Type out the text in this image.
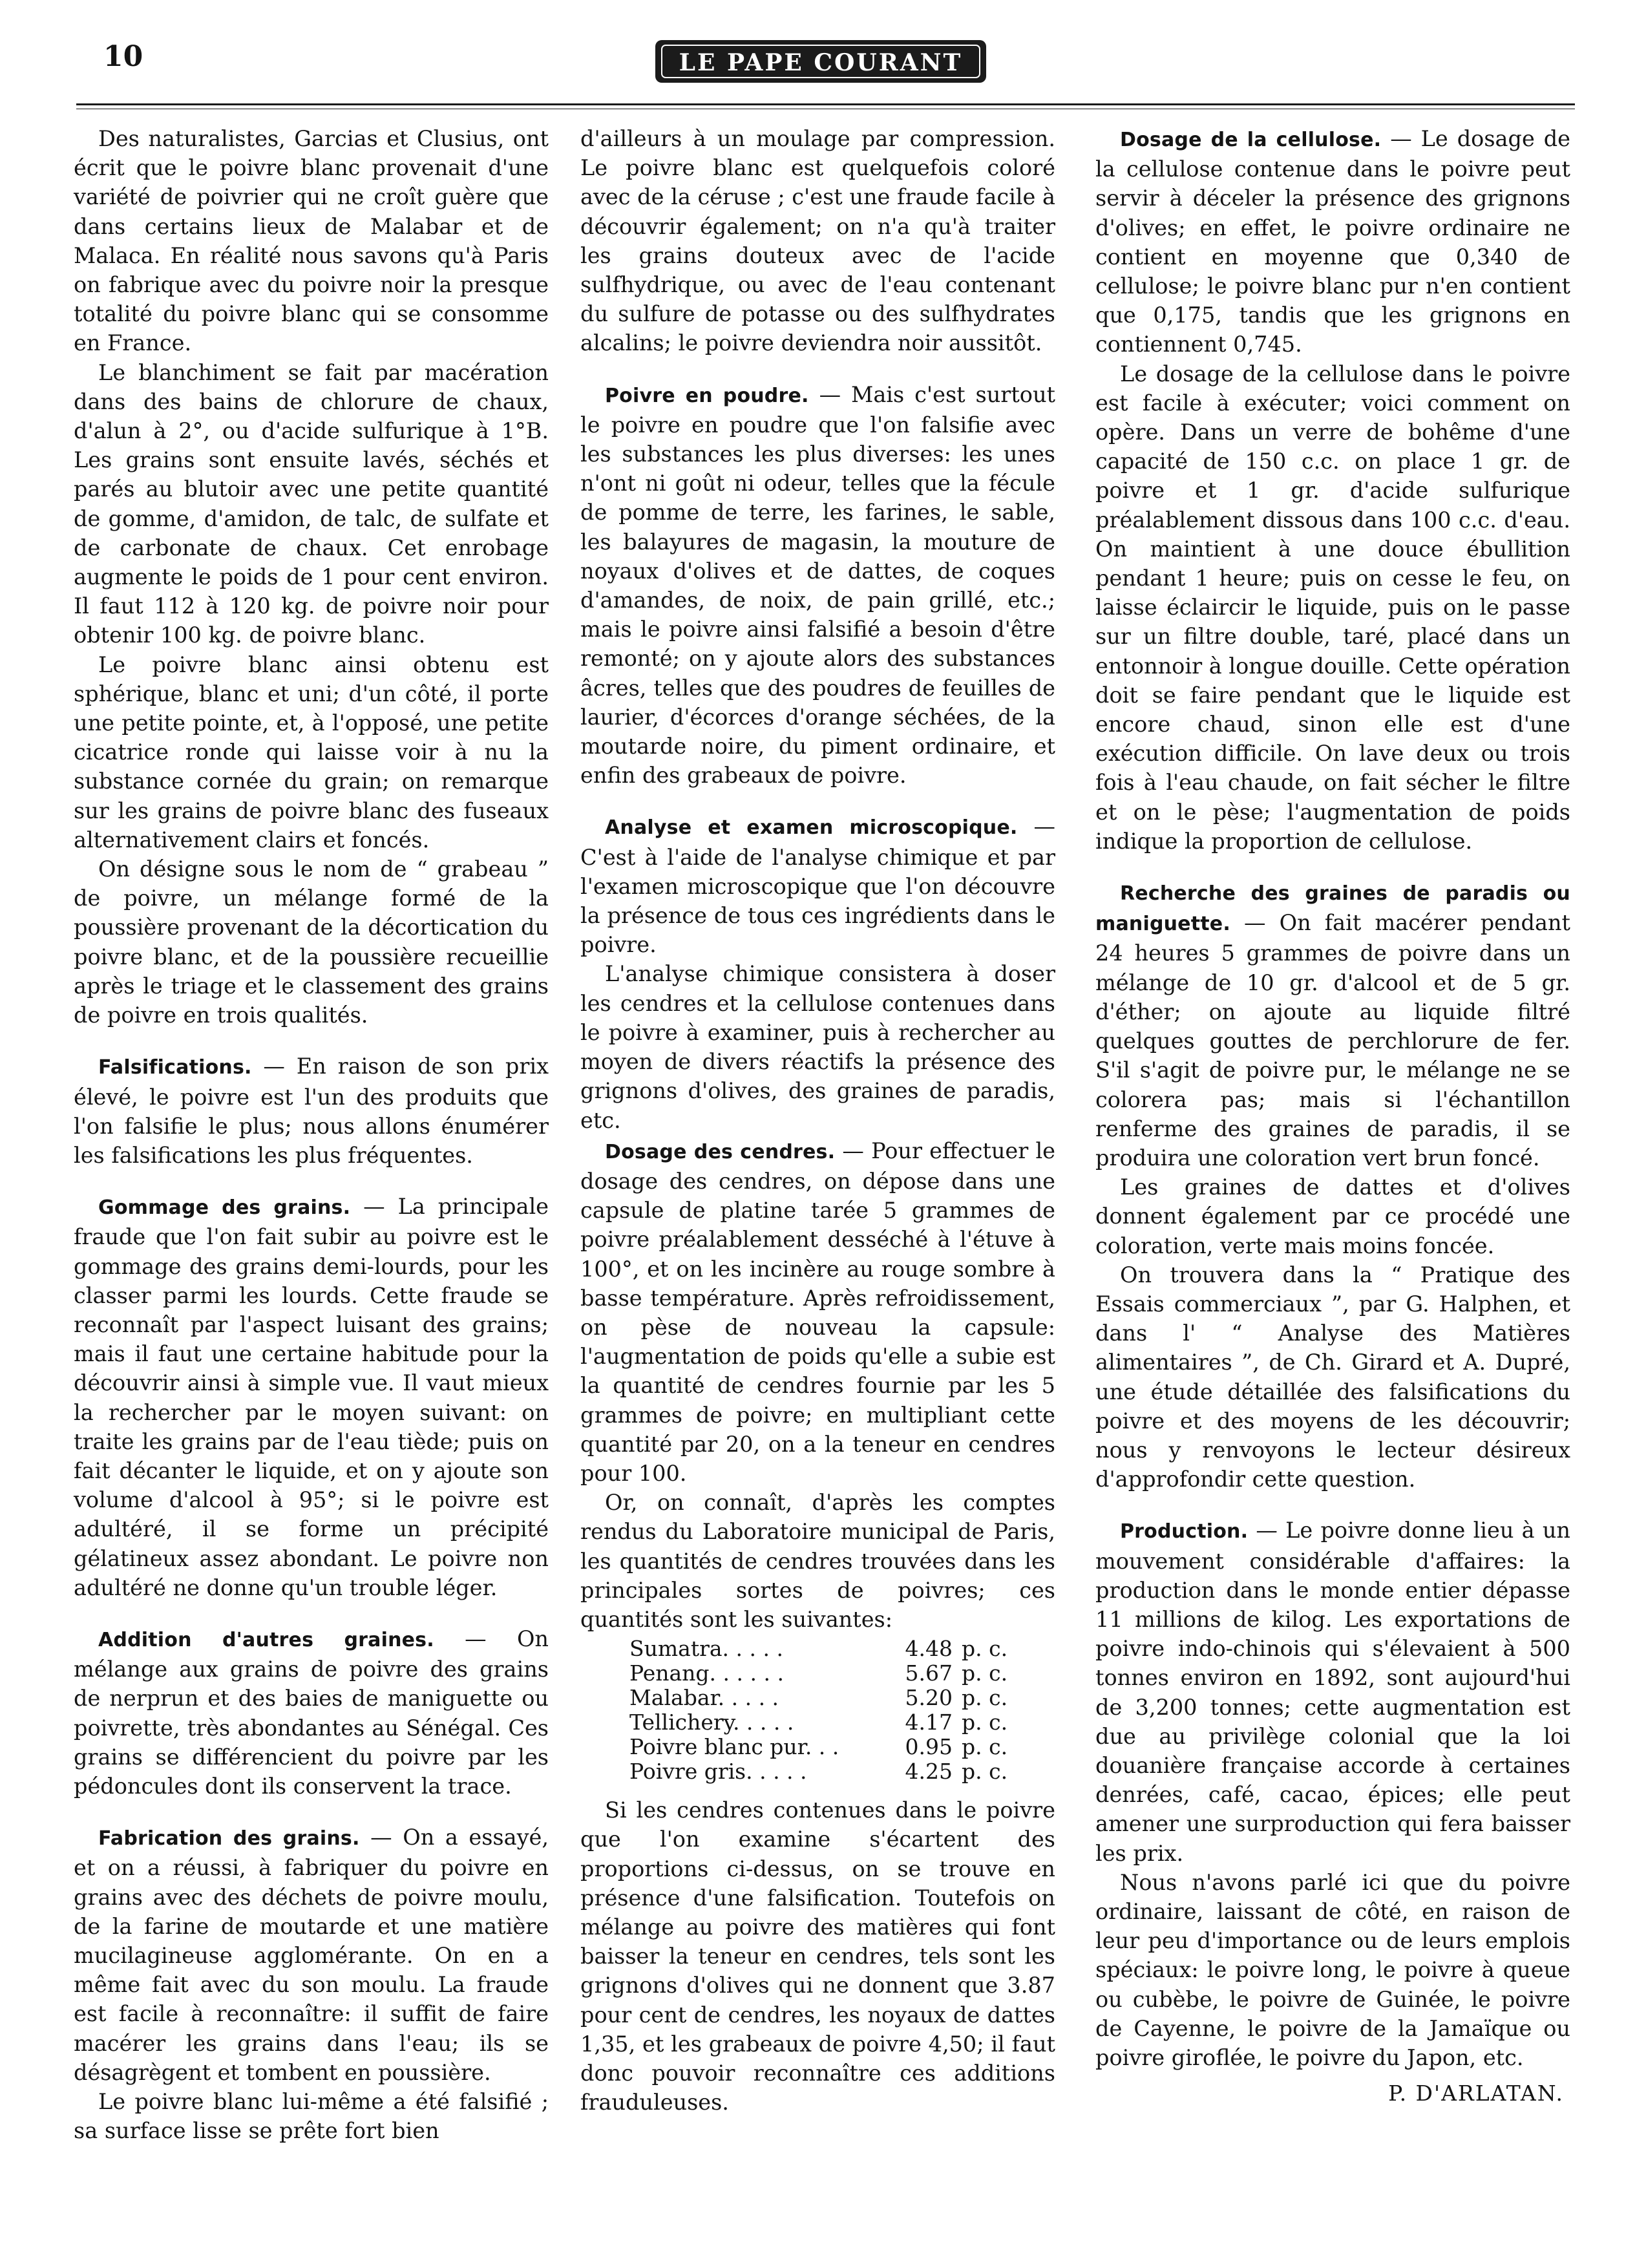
10	LE PAPE COURANT

Des naturalistes, Garcias et Clusius, ont écrit que le poivre blanc provenait d'une variété de poivrier qui ne croît guère que dans certains lieux de Malabar et de Malaca. En réalité nous savons qu'à Paris on fabrique avec du poivre noir la presque totalité du poivre blanc qui se consomme en France.

Le blanchiment se fait par macération dans des bains de chlorure de chaux, d'alun à 2°, ou d'acide sulfurique à 1°B. Les grains sont ensuite lavés, séchés et parés au blutoir avec une petite quantité de gomme, d'amidon, de talc, de sulfate et de carbonate de chaux. Cet enrobage augmente le poids de 1 pour cent environ. Il faut 112 à 120 kg. de poivre noir pour obtenir 100 kg. de poivre blanc.

Le poivre blanc ainsi obtenu est sphérique, blanc et uni; d'un côté, il porte une petite pointe, et, à l'opposé, une petite cicatrice ronde qui laisse voir à nu la substance cornée du grain; on remarque sur les grains de poivre blanc des fuseaux alternativement clairs et foncés.

On désigne sous le nom de “ grabeau ” de poivre, un mélange formé de la poussière provenant de la décortication du poivre blanc, et de la poussière recueillie après le triage et le classement des grains de poivre en trois qualités.

Falsifications. — En raison de son prix élevé, le poivre est l'un des produits que l'on falsifie le plus; nous allons énumérer les falsifications les plus fréquentes.

Gommage des grains. — La principale fraude que l'on fait subir au poivre est le gommage des grains demi-lourds, pour les classer parmi les lourds. Cette fraude se reconnaît par l'aspect luisant des grains; mais il faut une certaine habitude pour la découvrir ainsi à simple vue. Il vaut mieux la rechercher par le moyen suivant: on traite les grains par de l'eau tiède; puis on fait décanter le liquide, et on y ajoute son volume d'alcool à 95°; si le poivre est adultéré, il se forme un précipité gélatineux assez abondant. Le poivre non adultéré ne donne qu'un trouble léger.

Addition d'autres graines. — On mélange aux grains de poivre des grains de nerprun et des baies de maniguette ou poivrette, très abondantes au Sénégal. Ces grains se différencient du poivre par les pédoncules dont ils conservent la trace.

Fabrication des grains. — On a essayé, et on a réussi, à fabriquer du poivre en grains avec des déchets de poivre moulu, de la farine de moutarde et une matière mucilagineuse agglomérante. On en a même fait avec du son moulu. La fraude est facile à reconnaître: il suffit de faire macérer les grains dans l'eau; ils se désagrègent et tombent en poussière.

Le poivre blanc lui-même a été falsifié ; sa surface lisse se prête fort bien

d'ailleurs à un moulage par compression. Le poivre blanc est quelquefois coloré avec de la céruse ; c'est une fraude facile à découvrir également; on n'a qu'à traiter les grains douteux avec de l'acide sulfhydrique, ou avec de l'eau contenant du sulfure de potasse ou des sulfhydrates alcalins; le poivre deviendra noir aussitôt.

Poivre en poudre. — Mais c'est surtout le poivre en poudre que l'on falsifie avec les substances les plus diverses: les unes n'ont ni goût ni odeur, telles que la fécule de pomme de terre, les farines, le sable, les balayures de magasin, la mouture de noyaux d'olives et de dattes, de coques d'amandes, de noix, de pain grillé, etc.; mais le poivre ainsi falsifié a besoin d'être remonté; on y ajoute alors des substances âcres, telles que des poudres de feuilles de laurier, d'écorces d'orange séchées, de la moutarde noire, du piment ordinaire, et enfin des grabeaux de poivre.

Analyse et examen microscopique. — C'est à l'aide de l'analyse chimique et par l'examen microscopique que l'on découvre la présence de tous ces ingrédients dans le poivre.

L'analyse chimique consistera à doser les cendres et la cellulose contenues dans le poivre à examiner, puis à rechercher au moyen de divers réactifs la présence des grignons d'olives, des graines de paradis, etc.

Dosage des cendres. — Pour effectuer le dosage des cendres, on dépose dans une capsule de platine tarée 5 grammes de poivre préalablement desséché à l'étuve à 100°, et on les incinère au rouge sombre à basse température. Après refroidissement, on pèse de nouveau la capsule: l'augmentation de poids qu'elle a subie est la quantité de cendres fournie par les 5 grammes de poivre; en multipliant cette quantité par 20, on a la teneur en cendres pour 100.

Or, on connaît, d'après les comptes rendus du Laboratoire municipal de Paris, les quantités de cendres trouvées dans les principales sortes de poivres; ces quantités sont les suivantes:

Sumatra. . . . .	4.48 p. c.
Penang. . . . . .	5.67 p. c.
Malabar. . . . .	5.20 p. c.
Tellichery. . . . .	4.17 p. c.
Poivre blanc pur. . .	0.95 p. c.
Poivre gris. . . . .	4.25 p. c.

Si les cendres contenues dans le poivre que l'on examine s'écartent des proportions ci-dessus, on se trouve en présence d'une falsification. Toutefois on mélange au poivre des matières qui font baisser la teneur en cendres, tels sont les grignons d'olives qui ne donnent que 3.87 pour cent de cendres, les noyaux de dattes 1,35, et les grabeaux de poivre 4,50; il faut donc pouvoir reconnaître ces additions frauduleuses.

Dosage de la cellulose. — Le dosage de la cellulose contenue dans le poivre peut servir à déceler la présence des grignons d'olives; en effet, le poivre ordinaire ne contient en moyenne que 0,340 de cellulose; le poivre blanc pur n'en contient que 0,175, tandis que les grignons en contiennent 0,745.

Le dosage de la cellulose dans le poivre est facile à exécuter; voici comment on opère. Dans un verre de bohême d'une capacité de 150 c.c. on place 1 gr. de poivre et 1 gr. d'acide sulfurique préalablement dissous dans 100 c.c. d'eau. On maintient à une douce ébullition pendant 1 heure; puis on cesse le feu, on laisse éclaircir le liquide, puis on le passe sur un filtre double, taré, placé dans un entonnoir à longue douille. Cette opération doit se faire pendant que le liquide est encore chaud, sinon elle est d'une exécution difficile. On lave deux ou trois fois à l'eau chaude, on fait sécher le filtre et on le pèse; l'augmentation de poids indique la proportion de cellulose.

Recherche des graines de paradis ou maniguette. — On fait macérer pendant 24 heures 5 grammes de poivre dans un mélange de 10 gr. d'alcool et de 5 gr. d'éther; on ajoute au liquide filtré quelques gouttes de perchlorure de fer. S'il s'agit de poivre pur, le mélange ne se colorera pas; mais si l'échantillon renferme des graines de paradis, il se produira une coloration vert brun foncé.

Les graines de dattes et d'olives donnent également par ce procédé une coloration, verte mais moins foncée.

On trouvera dans la “ Pratique des Essais commerciaux ”, par G. Halphen, et dans l' “ Analyse des Matières alimentaires ”, de Ch. Girard et A. Dupré, une étude détaillée des falsifications du poivre et des moyens de les découvrir; nous y renvoyons le lecteur désireux d'approfondir cette question.

Production. — Le poivre donne lieu à un mouvement considérable d'affaires: la production dans le monde entier dépasse 11 millions de kilog. Les exportations de poivre indo-chinois qui s'élevaient à 500 tonnes environ en 1892, sont aujourd'hui de 3,200 tonnes; cette augmentation est due au privilège colonial que la loi douanière française accorde à certaines denrées, café, cacao, épices; elle peut amener une surproduction qui fera baisser les prix.

Nous n'avons parlé ici que du poivre ordinaire, laissant de côté, en raison de leur peu d'importance ou de leurs emplois spéciaux: le poivre long, le poivre à queue ou cubèbe, le poivre de Guinée, le poivre de Cayenne, le poivre de la Jamaïque ou poivre giroflée, le poivre du Japon, etc.

P. D'ARLATAN.
